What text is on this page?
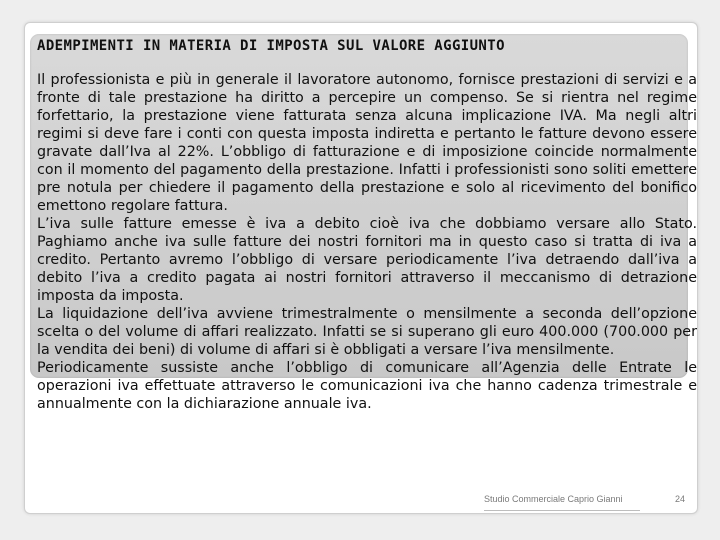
ADEMPIMENTI IN MATERIA DI IMPOSTA SUL VALORE AGGIUNTO

Il professionista e più in generale il lavoratore autonomo, fornisce prestazioni di servizi e a fronte di tale prestazione ha diritto a percepire un compenso. Se si rientra nel regime forfettario, la prestazione viene fatturata senza alcuna implicazione IVA. Ma negli altri regimi si deve fare i conti con questa imposta indiretta e pertanto le fatture devono essere gravate dall’Iva al 22%. L’obbligo di fatturazione e di imposizione coincide normalmente con il momento del pagamento della prestazione. Infatti i professionisti sono soliti emettere pre notula per chiedere il pagamento della prestazione e solo al ricevimento del bonifico emettono regolare fattura.

L’iva sulle fatture emesse è iva a debito cioè iva che dobbiamo versare allo Stato. Paghiamo anche iva sulle fatture dei nostri fornitori ma in questo caso si tratta di iva a credito. Pertanto avremo l’obbligo di versare periodicamente l’iva detraendo dall’iva a debito l’iva a credito pagata ai nostri fornitori attraverso il meccanismo di detrazione imposta da imposta.

La liquidazione dell’iva avviene trimestralmente o mensilmente a seconda dell’opzione scelta o del volume di affari realizzato. Infatti se si superano gli euro 400.000 (700.000 per la vendita dei beni) di volume di affari si è obbligati a versare l’iva mensilmente.

Periodicamente sussiste anche l’obbligo di comunicare all’Agenzia delle Entrate le operazioni iva effettuate attraverso le comunicazioni iva che hanno cadenza trimestrale e annualmente con la dichiarazione annuale iva.

Studio Commerciale Caprio Gianni	24
